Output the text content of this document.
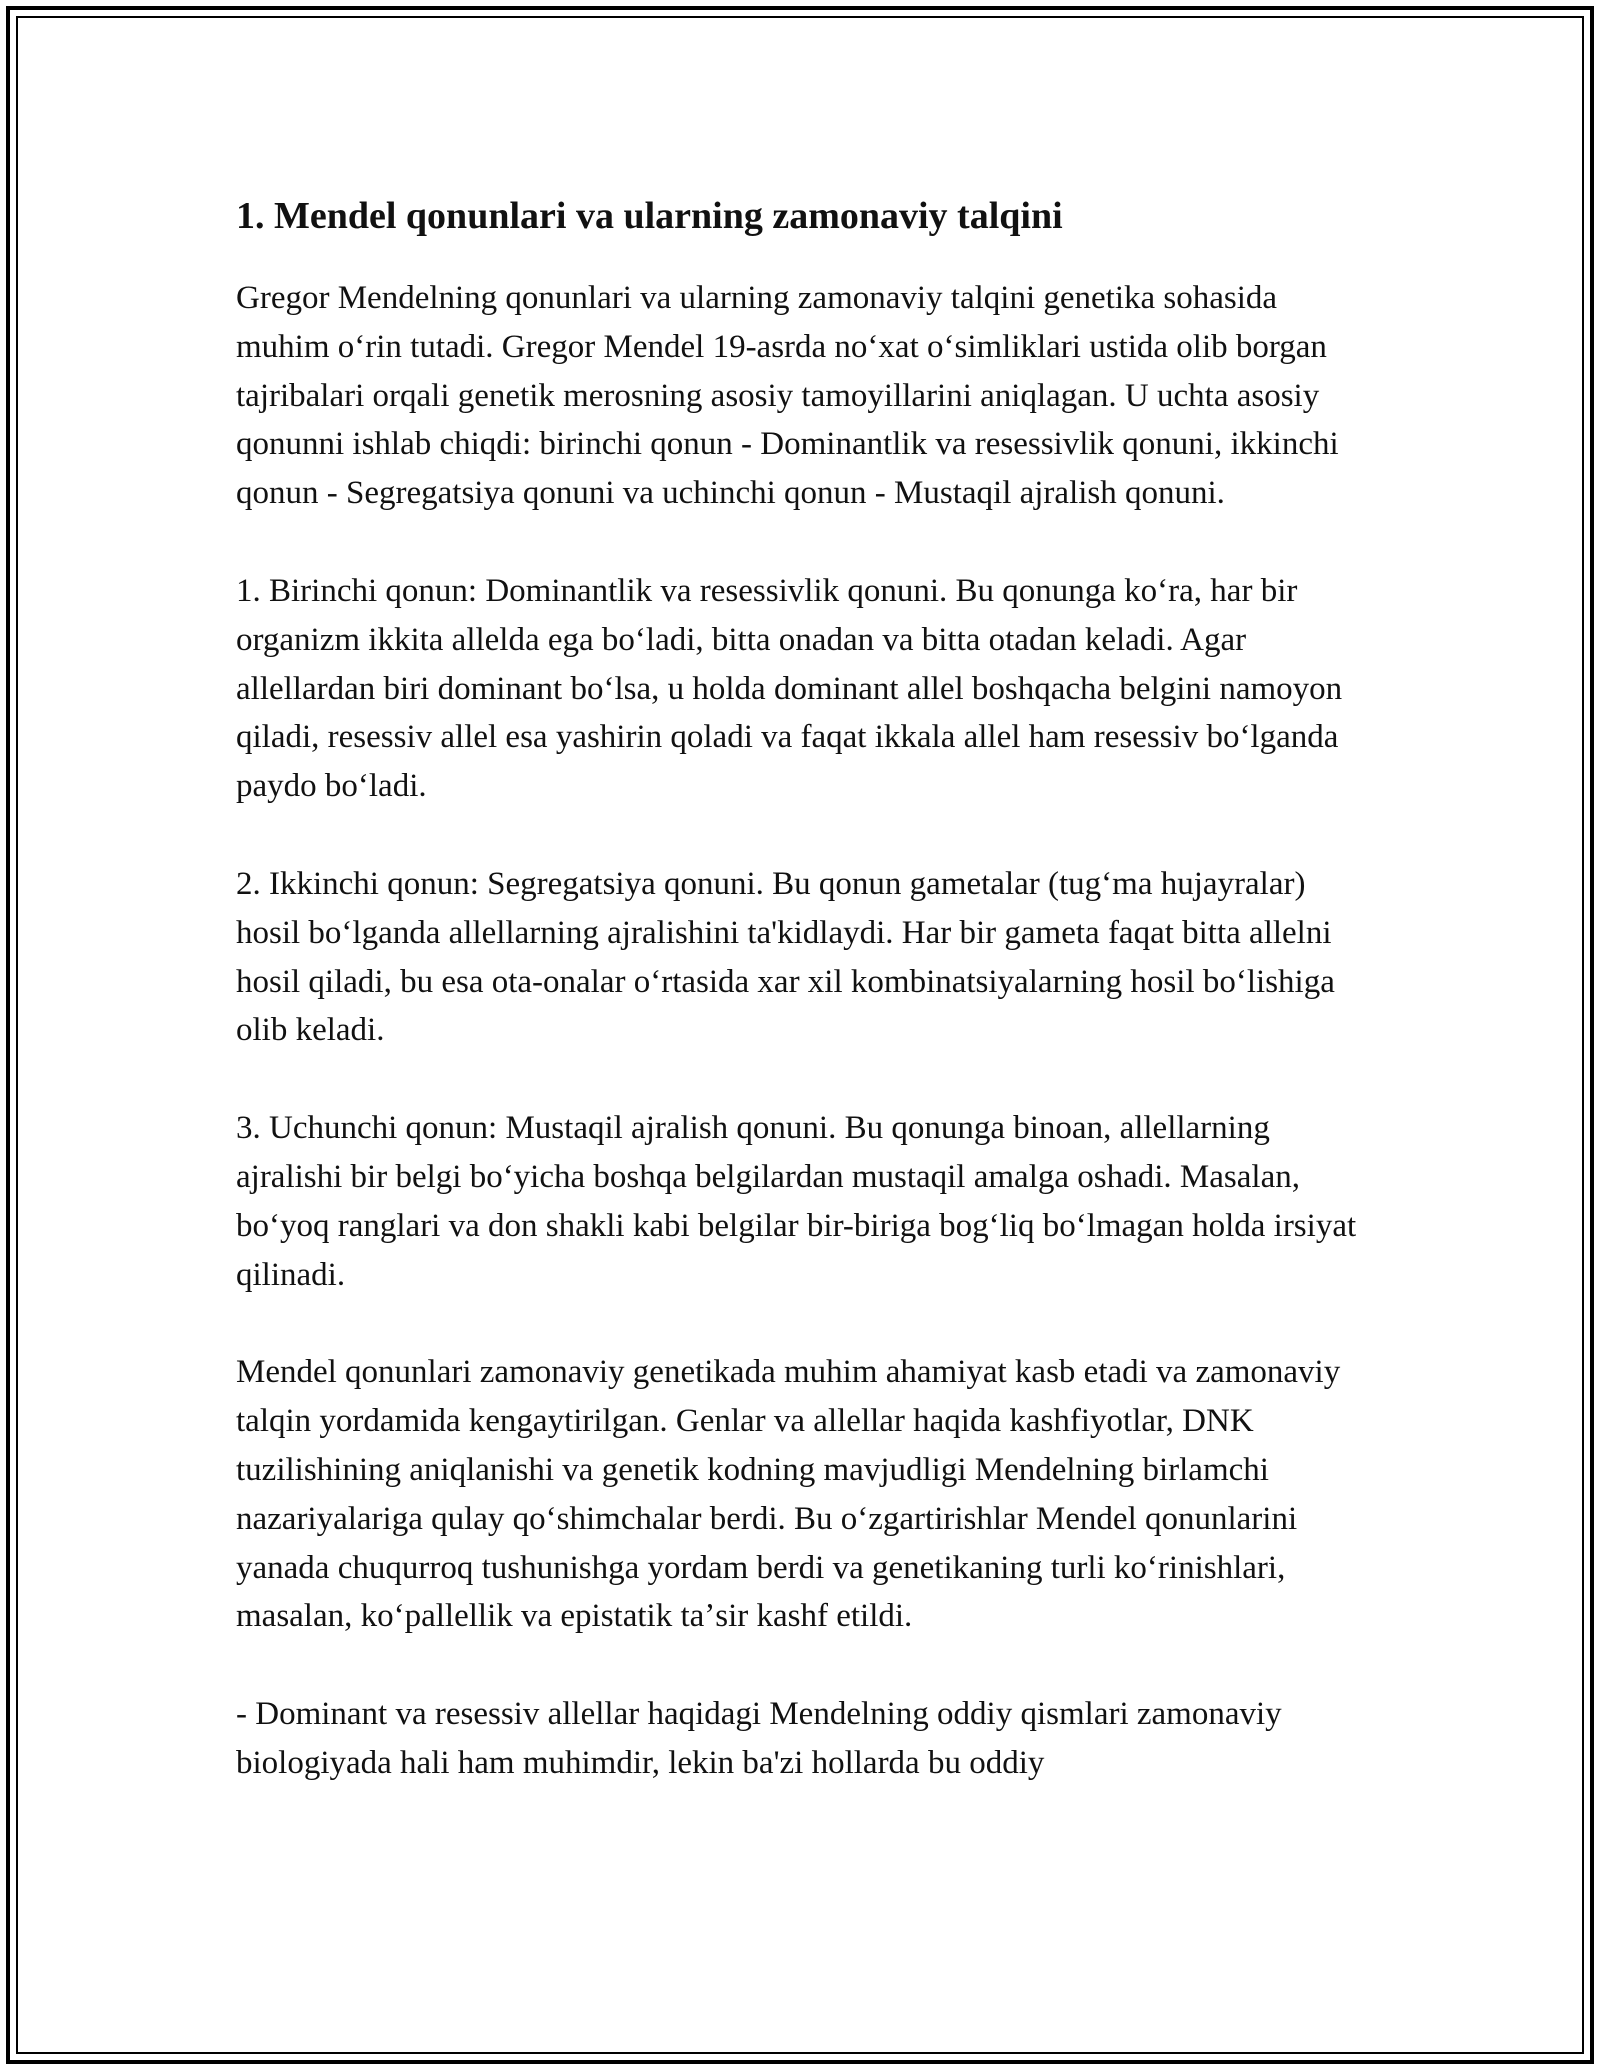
1. Mendel qonunlari va ularning zamonaviy talqini

Gregor Mendelning qonunlari va ularning zamonaviy talqini genetika sohasida muhim oʻrin tutadi. Gregor Mendel 19-asrda noʻxat oʻsimliklari ustida olib borgan tajribalari orqali genetik merosning asosiy tamoyillarini aniqlagan. U uchta asosiy qonunni ishlab chiqdi: birinchi qonun - Dominantlik va resessivlik qonuni, ikkinchi qonun - Segregatsiya qonuni va uchinchi qonun - Mustaqil ajralish qonuni.

1. Birinchi qonun: Dominantlik va resessivlik qonuni. Bu qonunga koʻra, har bir organizm ikkita allelda ega boʻladi, bitta onadan va bitta otadan keladi. Agar allellardan biri dominant boʻlsa, u holda dominant allel boshqacha belgini namoyon qiladi, resessiv allel esa yashirin qoladi va faqat ikkala allel ham resessiv boʻlganda paydo boʻladi.

2. Ikkinchi qonun: Segregatsiya qonuni. Bu qonun gametalar (tugʻma hujayralar) hosil boʻlganda allellarning ajralishini ta'kidlaydi. Har bir gameta faqat bitta allelni hosil qiladi, bu esa ota-onalar oʻrtasida xar xil kombinatsiyalarning hosil boʻlishiga olib keladi.

3. Uchunchi qonun: Mustaqil ajralish qonuni. Bu qonunga binoan, allellarning ajralishi bir belgi boʻyicha boshqa belgilardan mustaqil amalga oshadi. Masalan, boʻyoq ranglari va don shakli kabi belgilar bir-biriga bogʻliq boʻlmagan holda irsiyat qilinadi.

Mendel qonunlari zamonaviy genetikada muhim ahamiyat kasb etadi va zamonaviy talqin yordamida kengaytirilgan. Genlar va allellar haqida kashfiyotlar, DNK tuzilishining aniqlanishi va genetik kodning mavjudligi Mendelning birlamchi nazariyalariga qulay qoʻshimchalar berdi. Bu oʻzgartirishlar Mendel qonunlarini yanada chuqurroq tushunishga yordam berdi va genetikaning turli koʻrinishlari, masalan, koʻpallellik va epistatik taʼsir kashf etildi.

- Dominant va resessiv allellar haqidagi Mendelning oddiy qismlari zamonaviy biologiyada hali ham muhimdir, lekin ba'zi hollarda bu oddiy
